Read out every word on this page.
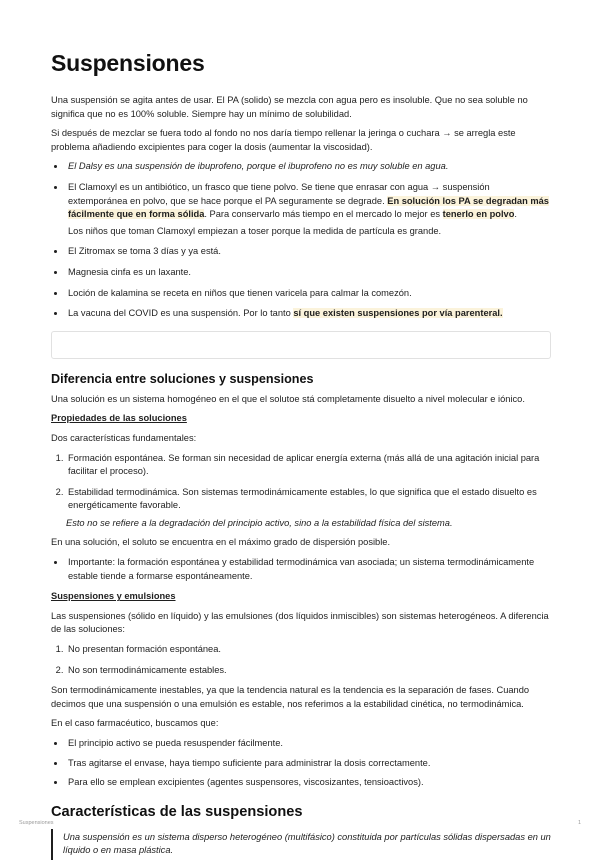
Suspensiones

Una suspensión se agita antes de usar. El PA (solido) se mezcla con agua pero es insoluble. Que no sea soluble no significa que no es 100% soluble. Siempre hay un mínimo de solubilidad.

Si después de mezclar se fuera todo al fondo no nos daría tiempo rellenar la jeringa o cuchara → se arregla este problema añadiendo excipientes para coger la dosis (aumentar la viscosidad).

• El Dalsy es una suspensión de ibuprofeno, porque el ibuprofeno no es muy soluble en agua.
• El Clamoxyl es un antibiótico, un frasco que tiene polvo. Se tiene que enrasar con agua → suspensión extemporánea en polvo, que se hace porque el PA seguramente se degrade. En solución los PA se degradan más fácilmente que en forma sólida. Para conservarlo más tiempo en el mercado lo mejor es tenerlo en polvo.

Los niños que toman Clamoxyl empiezan a toser porque la medida de partícula es grande.

• El Zitromax se toma 3 días y ya está.
• Magnesia cinfa es un laxante.
• Loción de kalamina se receta en niños que tienen varicela para calmar la comezón.
• La vacuna del COVID es una suspensión. Por lo tanto sí que existen suspensiones por vía parenteral.
Diferencia entre soluciones y suspensiones

Una solución es un sistema homogéneo en el que el solutoe stá completamente disuelto a nivel molecular e iónico.

Propiedades de las soluciones

Dos características fundamentales:

1. Formación espontánea. Se forman sin necesidad de aplicar energía externa (más allá de una agitación inicial para facilitar el proceso).
2. Estabilidad termodinámica. Son sistemas termodinámicamente estables, lo que significa que el estado disuelto es energéticamente favorable.

Esto no se refiere a la degradación del principio activo, sino a la estabilidad física del sistema.

En una solución, el soluto se encuentra en el máximo grado de dispersión posible.

• Importante: la formación espontánea y estabilidad termodinámica van asociada; un sistema termodinámicamente estable tiende a formarse espontáneamente.

Suspensiones y emulsiones

Las suspensiones (sólido en líquido) y las emulsiones (dos líquidos inmiscibles) son sistemas heterogéneos. A diferencia de las soluciones:

1. No presentan formación espontánea.
2. No son termodinámicamente estables.

Son termodinámicamente inestables, ya que la tendencia natural es la tendencia es la separación de fases. Cuando decimos que una suspensión o una emulsión es estable, nos referimos a la estabilidad cinética, no termodinámica.

En el caso farmacéutico, buscamos que:

• El principio activo se pueda resuspender fácilmente.
• Tras agitarse el envase, haya tiempo suficiente para administrar la dosis correctamente.
• Para ello se emplean excipientes (agentes suspensores, viscosizantes, tensioactivos).
Características de las suspensiones
Una suspensión es un sistema disperso heterogéneo (multifásico) constituida por partículas sólidas dispersadas en un líquido o en masa plástica.
Suspensiones	1
